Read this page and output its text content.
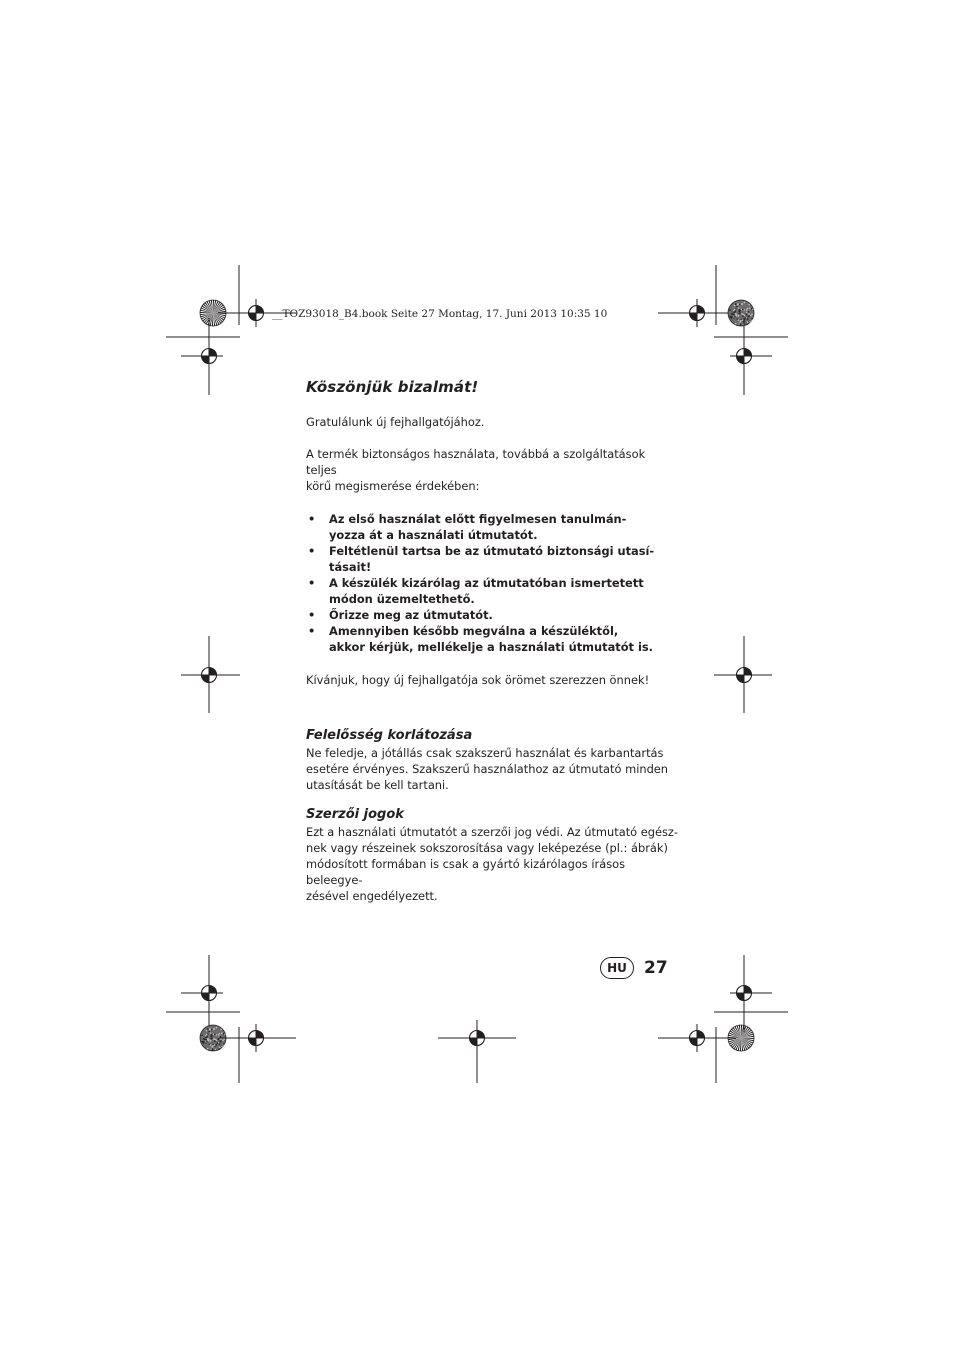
__TOZ93018_B4.book Seite 27 Montag, 17. Juni 2013 10:35 10
Köszönjük bizalmát!

Gratulálunk új fejhallgatójához.

A termék biztonságos használata, továbbá a szolgáltatások teljes
körű megismerése érdekében:

• Az első használat előtt figyelmesen tanulmán-
yozza át a használati útmutatót.
• Feltétlenül tartsa be az útmutató biztonsági utasí-
tásait!
• A készülék kizárólag az útmutatóban ismertetett
módon üzemeltethető.
• Őrizze meg az útmutatót.
• Amennyiben később megválna a készüléktől,
akkor kérjük, mellékelje a használati útmutatót is.

Kívánjuk, hogy új fejhallgatója sok örömet szerezzen önnek!

Felelősség korlátozása

Ne feledje, a jótállás csak szakszerű használat és karbantartás
esetére érvényes. Szakszerű használathoz az útmutató minden
utasítását be kell tartani.

Szerzői jogok

Ezt a használati útmutatót a szerzői jog védi. Az útmutató egész-
nek vagy részeinek sokszorosítása vagy leképezése (pl.: ábrák)
módosított formában is csak a gyártó kizárólagos írásos beleegye-
zésével engedélyezett.

HU	27
